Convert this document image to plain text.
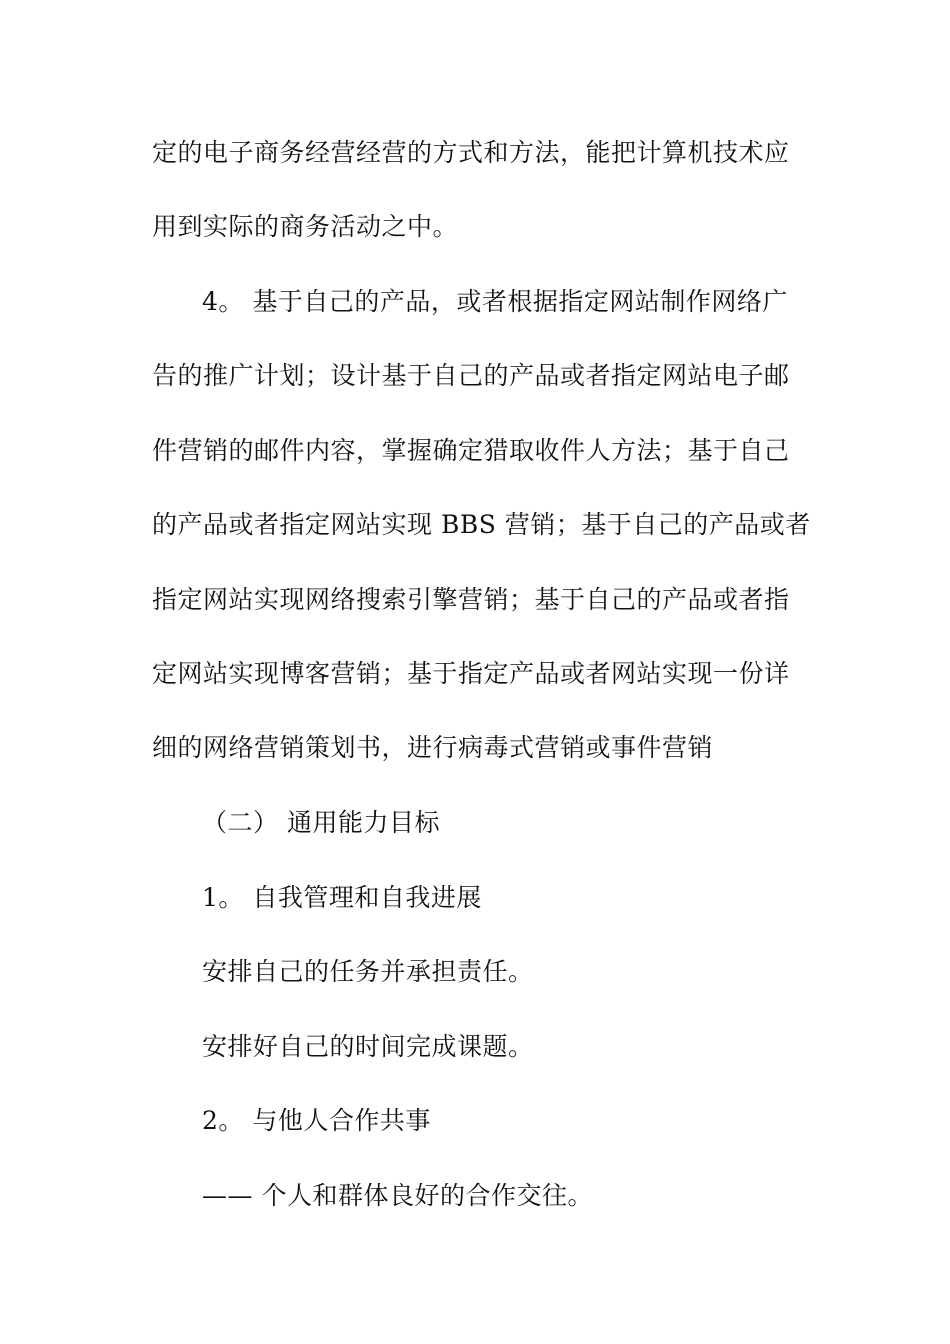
定的电子商务经营经营的方式和方法，能把计算机技术应
用到实际的商务活动之中。
4。 基于自己的产品，或者根据指定网站制作网络广
告的推广计划；设计基于自己的产品或者指定网站电子邮
件营销的邮件内容，掌握确定猎取收件人方法；基于自己
的产品或者指定网站实现 BBS 营销；基于自己的产品或者
指定网站实现网络搜索引擎营销；基于自己的产品或者指
定网站实现博客营销；基于指定产品或者网站实现一份详
细的网络营销策划书，进行病毒式营销或事件营销
（二） 通用能力目标
1。 自我管理和自我进展
安排自己的任务并承担责任。
安排好自己的时间完成课题。
2。 与他人合作共事
—— 个人和群体良好的合作交往。
